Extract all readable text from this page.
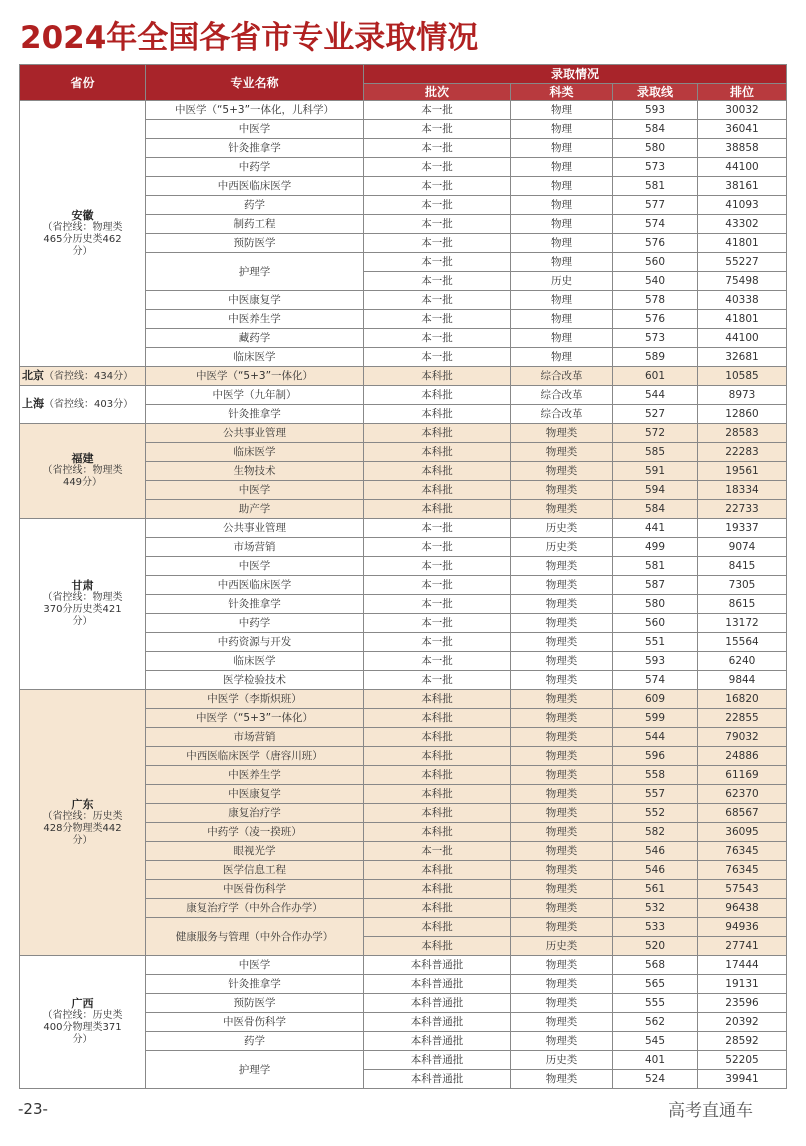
2024年全国各省市专业录取情况
省份	专业名称	录取情况			
		批次	科类	录取线	排位

安徽
（省控线：物理类465分历史类462分）	中医学（“5+3”一体化，儿科学）	本一批	物理	593	30032
	中医学	本一批	物理	584	36041
	针灸推拿学	本一批	物理	580	38858
	中药学	本一批	物理	573	44100
	中西医临床医学	本一批	物理	581	38161
	药学	本一批	物理	577	41093
	制药工程	本一批	物理	574	43302
	预防医学	本一批	物理	576	41801
	护理学	本一批	物理	560	55227
		本一批	历史	540	75498
	中医康复学	本一批	物理	578	40338
	中医养生学	本一批	物理	576	41801
	藏药学	本一批	物理	573	44100
	临床医学	本一批	物理	589	32681
北京（省控线：434分）	中医学（“5+3”一体化）	本科批	综合改革	601	10585
上海（省控线：403分）	中医学（九年制）	本科批	综合改革	544	8973
	针灸推拿学	本科批	综合改革	527	12860

福建
（省控线：物理类449分）	公共事业管理	本科批	物理类	572	28583
	临床医学	本科批	物理类	585	22283
	生物技术	本科批	物理类	591	19561
	中医学	本科批	物理类	594	18334
	助产学	本科批	物理类	584	22733

甘肃
（省控线：物理类370分历史类421分）	公共事业管理	本一批	历史类	441	19337
	市场营销	本一批	历史类	499	9074
	中医学	本一批	物理类	581	8415
	中西医临床医学	本一批	物理类	587	7305
	针灸推拿学	本一批	物理类	580	8615
	中药学	本一批	物理类	560	13172
	中药资源与开发	本一批	物理类	551	15564
	临床医学	本一批	物理类	593	6240
	医学检验技术	本一批	物理类	574	9844

广东
（省控线：历史类428分物理类442分）	中医学（李斯炽班）	本科批	物理类	609	16820
	中医学（“5+3”一体化）	本科批	物理类	599	22855
	市场营销	本科批	物理类	544	79032
	中西医临床医学（唐容川班）	本科批	物理类	596	24886
	中医养生学	本科批	物理类	558	61169
	中医康复学	本科批	物理类	557	62370
	康复治疗学	本科批	物理类	552	68567
	中药学（凌一揆班）	本科批	物理类	582	36095
	眼视光学	本一批	物理类	546	76345
	医学信息工程	本科批	物理类	546	76345
	中医骨伤科学	本科批	物理类	561	57543
	康复治疗学（中外合作办学）	本科批	物理类	532	96438
	健康服务与管理（中外合作办学）	本科批	物理类	533	94936
		本科批	历史类	520	27741

广西
（省控线：历史类400分物理类371分）	中医学	本科普通批	物理类	568	17444
	针灸推拿学	本科普通批	物理类	565	19131
	预防医学	本科普通批	物理类	555	23596
	中医骨伤科学	本科普通批	物理类	562	20392
	药学	本科普通批	物理类	545	28592
	护理学	本科普通批	历史类	401	52205
		本科普通批	物理类	524	39941
-23-	高考直通车
